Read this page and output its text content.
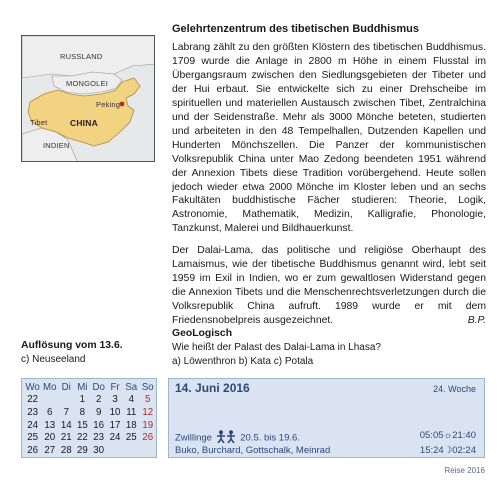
RUSSLAND
MONGOLEI
Peking
CHINA
Tibet
INDIEN
Gelehrtenzentrum des tibetischen Buddhismus

Labrang zählt zu den größten Klöstern des tibetischen Buddhismus. 1709 wurde die Anlage in 2800 m Höhe in einem Flusstal im Übergangsraum zwischen den Siedlungsgebieten der Tibeter und der Hui erbaut. Sie entwickelte sich zu einer Drehscheibe im spirituellen und materiellen Austausch zwischen Tibet, Zentralchina und der Seidenstraße. Mehr als 3000 Mönche beteten, studierten und arbeiteten in den 48 Tempelhallen, Dutzenden Kapellen und Hunderten Mönchszellen. Die Panzer der kommunistischen Volksrepublik China unter Mao Zedong beendeten 1951 während der Annexion Tibets diese Tradition vorübergehend. Heute sollen jedoch wieder etwa 2000 Mönche im Kloster leben und an sechs Fakultäten buddhistische Fächer studieren: Theorie, Logik, Astronomie, Mathematik, Medizin, Kalligrafie, Phonologie, Tanzkunst, Malerei und Bildhauerkunst.

Der Dalai-Lama, das politische und religiöse Oberhaupt des Lamaismus, wie der tibetische Buddhismus genannt wird, lebt seit 1959 im Exil in Indien, wo er zum gewaltlosen Widerstand gegen die Annexion Tibets und die Menschenrechtsverletzungen durch die Volksrepublik China aufruft. 1989 wurde er mit dem Friedensnobelpreis ausgezeichnet.	B.P.

Auflösung vom 13.6.
c) Neuseeland
GeoLogisch
Wie heißt der Palast des Dalai-Lama in Lhasa?
a) Löwenthron b) Kata c) Potala
Wo	Mo	Di	Mi	Do	Fr	Sa	So
22			1	2	3	4	5
23	6	7	8	9	10	11	12
24	13	14	15	16	17	18	19
25	20	21	22	23	24	25	26
26	27	28	29	30			
14. Juni 2016	24. Woche
Zwillinge	20.5. bis 19.6.
Buko, Burchard, Gottschalk, Meinrad
05:05☼21:40
15:24☽02:24
Reise 2016
